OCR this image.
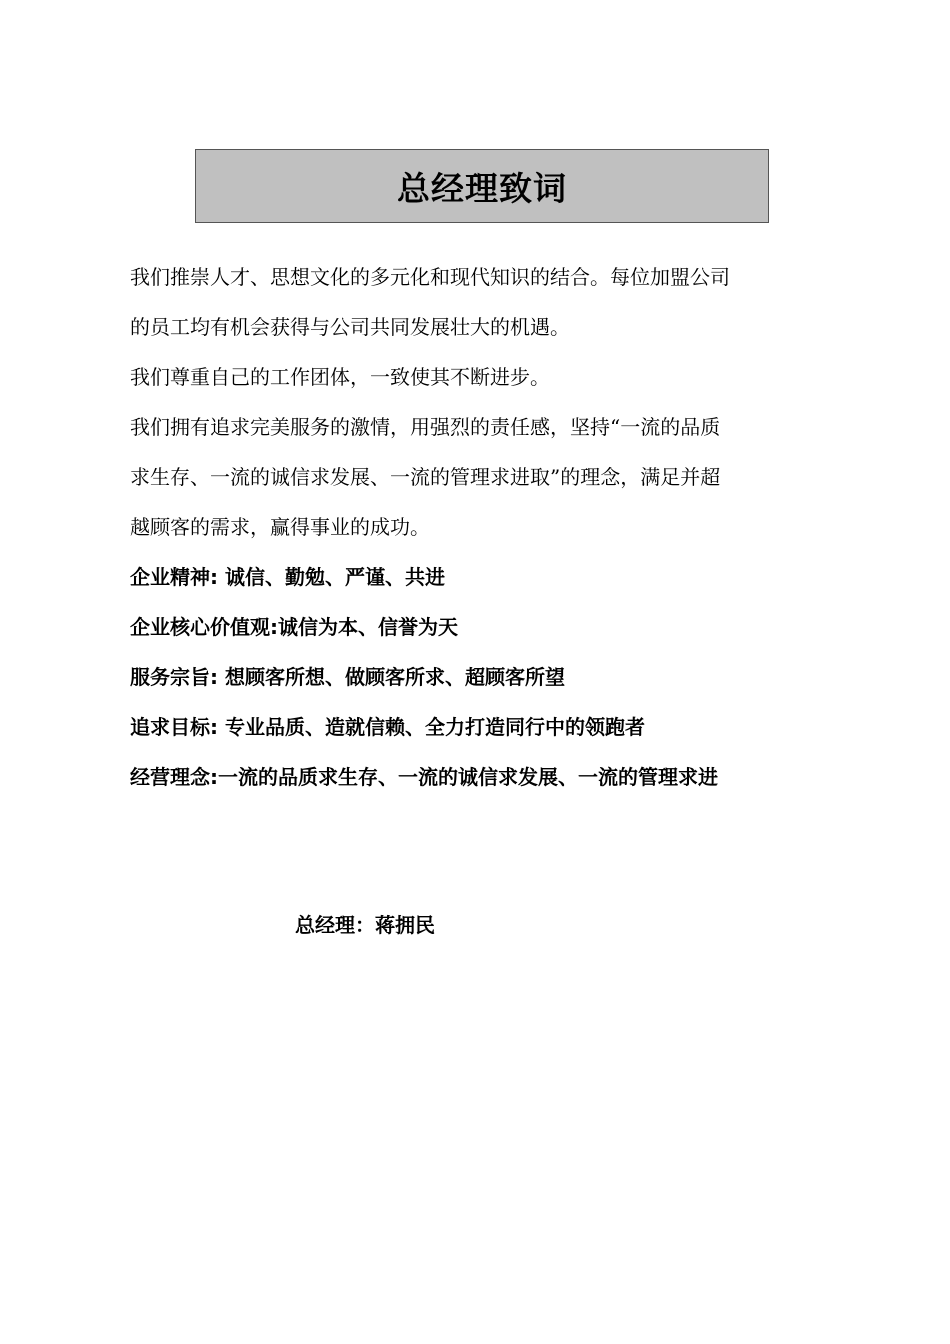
总经理致词
我们推崇人才、思想文化的多元化和现代知识的结合。每位加盟公司
的员工均有机会获得与公司共同发展壮大的机遇。
我们尊重自己的工作团体，一致使其不断进步。
我们拥有追求完美服务的激情，用强烈的责任感，坚持“一流的品质
求生存、一流的诚信求发展、一流的管理求进取”的理念，满足并超
越顾客的需求，赢得事业的成功。
企业精神: 诚信、勤勉、严谨、共进
企业核心价值观:诚信为本、信誉为天
服务宗旨: 想顾客所想、做顾客所求、超顾客所望
追求目标: 专业品质、造就信赖、全力打造同行中的领跑者
经营理念:一流的品质求生存、一流的诚信求发展、一流的管理求进
总经理：蒋拥民
